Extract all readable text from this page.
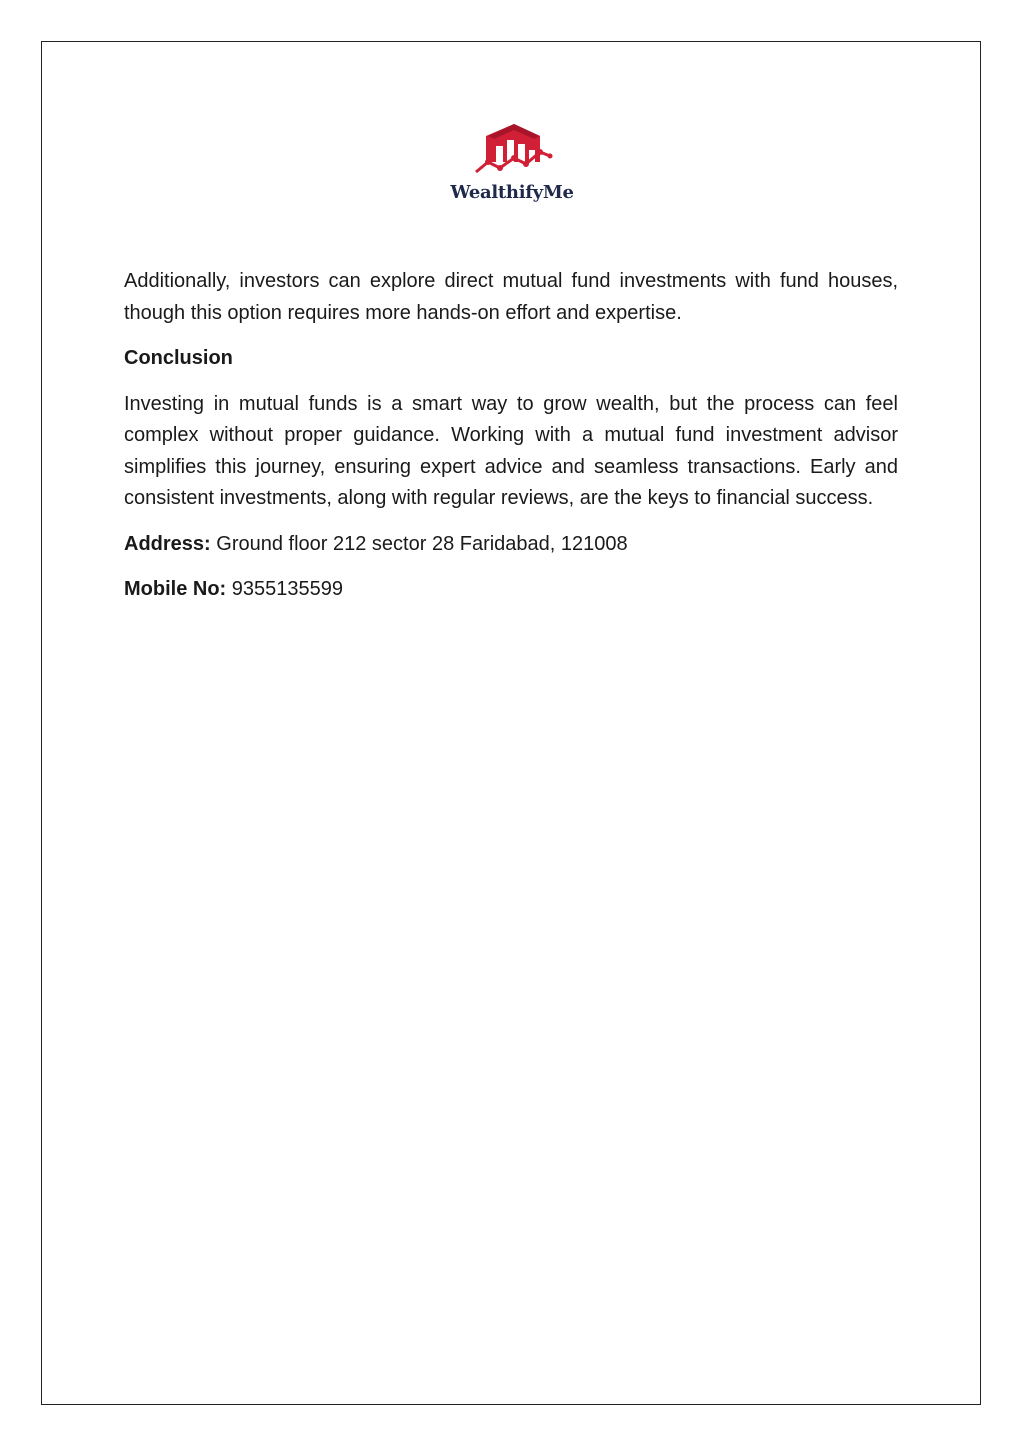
WealthifyMe

Additionally, investors can explore direct mutual fund investments with fund houses, though this option requires more hands-on effort and expertise.

Conclusion

Investing in mutual funds is a smart way to grow wealth, but the process can feel complex without proper guidance. Working with a mutual fund investment advisor simplifies this journey, ensuring expert advice and seamless transactions. Early and consistent investments, along with regular reviews, are the keys to financial success.

Address: Ground floor 212 sector 28 Faridabad, 121008

Mobile No: 9355135599
